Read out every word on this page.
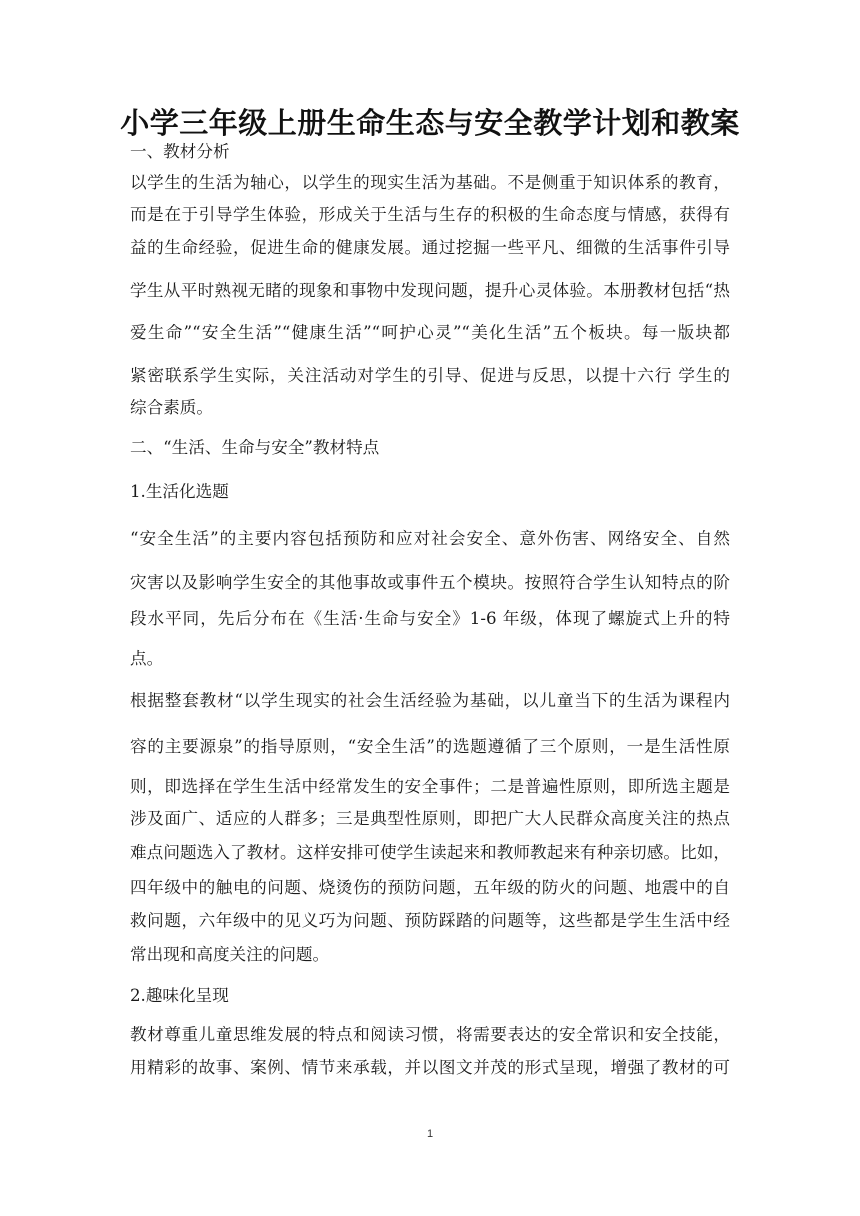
小学三年级上册生命生态与安全教学计划和教案
一、教材分析
以学生的生活为轴心，以学生的现实生活为基础。不是侧重于知识体系的教育，
而是在于引导学生体验，形成关于生活与生存的积极的生命态度与情感，获得有
益的生命经验，促进生命的健康发展。通过挖掘一些平凡、细微的生活事件引导
学生从平时熟视无睹的现象和事物中发现问题，提升心灵体验。本册教材包括“热
爱生命”“安全生活”“健康生活”“呵护心灵”“美化生活”五个板块。每一版块都
紧密联系学生实际，关注活动对学生的引导、促进与反思，以提十六行 学生的
综合素质。
二、“生活、生命与安全”教材特点
1.生活化选题
“安全生活”的主要内容包括预防和应对社会安全、意外伤害、网络安全、自然
灾害以及影响学生安全的其他事故或事件五个模块。按照符合学生认知特点的阶
段水平同，先后分布在《生活·生命与安全》1-6 年级，体现了螺旋式上升的特
点。
根据整套教材“以学生现实的社会生活经验为基础，以儿童当下的生活为课程内
容的主要源泉”的指导原则，“安全生活”的选题遵循了三个原则，一是生活性原
则，即选择在学生生活中经常发生的安全事件；二是普遍性原则，即所选主题是
涉及面广、适应的人群多；三是典型性原则，即把广大人民群众高度关注的热点
难点问题选入了教材。这样安排可使学生读起来和教师教起来有种亲切感。比如，
四年级中的触电的问题、烧烫伤的预防问题，五年级的防火的问题、地震中的自
救问题，六年级中的见义巧为问题、预防踩踏的问题等，这些都是学生生活中经
常出现和高度关注的问题。
2.趣味化呈现
教材尊重儿童思维发展的特点和阅读习惯，将需要表达的安全常识和安全技能，
用精彩的故事、案例、情节来承载，并以图文并茂的形式呈现，增强了教材的可
1
